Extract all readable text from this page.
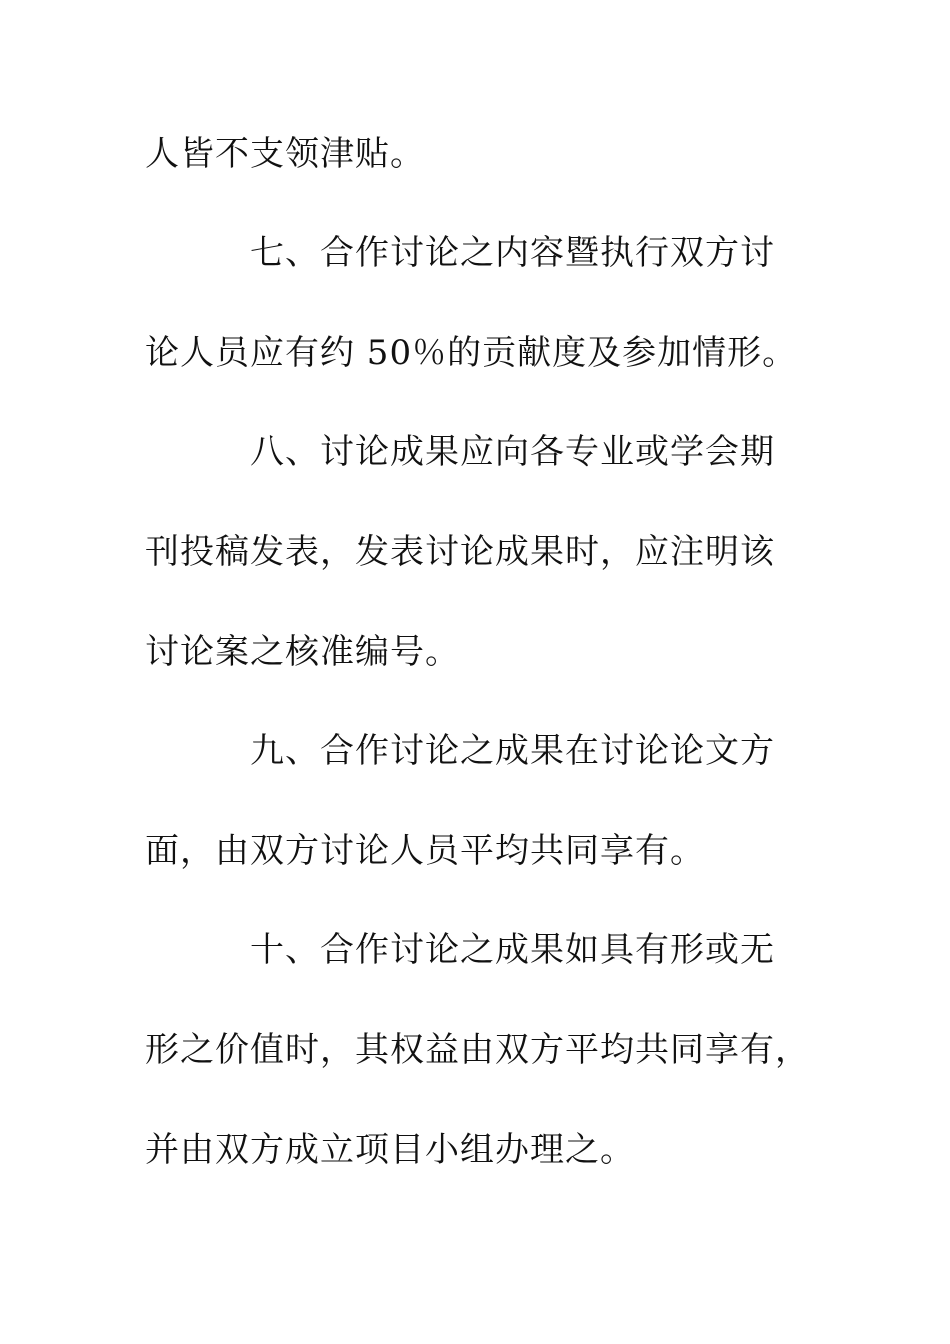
人皆不支领津贴。
七、合作讨论之内容暨执行双方讨
论人员应有约 50％的贡献度及参加情形。
八、讨论成果应向各专业或学会期
刊投稿发表，发表讨论成果时，应注明该
讨论案之核准编号。
九、合作讨论之成果在讨论论文方
面，由双方讨论人员平均共同享有。
十、合作讨论之成果如具有形或无
形之价值时，其权益由双方平均共同享有，
并由双方成立项目小组办理之。
